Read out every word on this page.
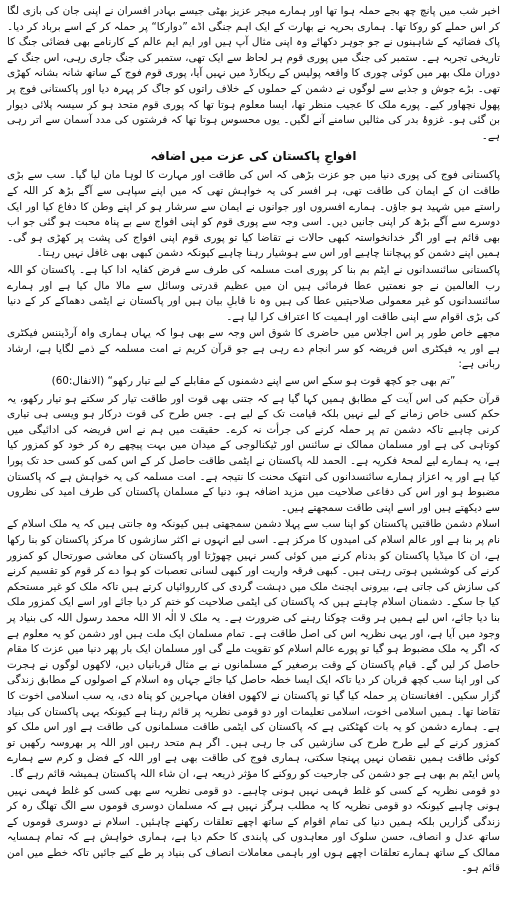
اخیر شب میں پانچ چھ بجے حملہ ہوا تھا اور ہمارے میجر عزیز بھٹی جیسے بہادر افسران نے اپنی جان کی بازی لگا کر اس حملے کو روکا تھا۔ ہماری بحریہ نے بھارت کے ایک اہم جنگی اڈے ”دوارکا“ پر حملہ کر کے اسے برباد کر دیا۔ پاک فضائیہ کے شاہینوں نے جو جوہر دکھائے وہ اپنی مثال آپ ہیں اور ایم ایم عالم کے کارنامے بھی فضائی جنگ کا تاریخی تجربہ ہے۔ ستمبر کی جنگ میں پوری قوم ہر لحاظ سے ایک تھی، ستمبر کی جنگ جاری رہی، اس جنگ کے دوران ملک بھر میں کوئی چوری کا واقعہ پولیس کے ریکارڈ میں نہیں آیا، پوری قوم فوج کے ساتھ شانہ بشانہ کھڑی تھی۔ بڑے جوش و جذبے سے لوگوں نے دشمن کے حملوں کے خلاف راتوں کو جاگ کر پہرہ دیا اور پاکستانی فوج پر پھول نچھاور کیے۔ پورے ملک کا عجیب منظر تھا، ایسا معلوم ہوتا تھا کہ پوری قوم متحد ہو کر سیسہ پلائی دیوار بن گئی ہو۔ غزوۂ بدر کی مثالیں سامنے آنے لگیں۔ یوں محسوس ہوتا تھا کہ فرشتوں کی مدد آسمان سے اتر رہی ہے۔

افواجِ پاکستان کی عزت میں اضافہ

پاکستانی فوج کی پوری دنیا میں جو عزت بڑھی کہ اس کی طاقت اور مہارت کا لوہا مان لیا گیا۔ سب سے بڑی طاقت ان کے ایمان کی طاقت تھی، ہر افسر کی یہ خواہش تھی کہ میں اپنے سپاہی سے آگے بڑھ کر اللہ کے راستے میں شہید ہو جاؤں۔ ہمارے افسروں اور جوانوں نے ایمان سے سرشار ہو کر اپنے وطن کا دفاع کیا اور ایک دوسرے سے آگے بڑھ کر اپنی جانیں دیں۔ اسی وجہ سے پوری قوم کو اپنی افواج سے بے پناہ محبت ہو گئی جو اب بھی قائم ہے اور اگر خدانخواستہ کبھی حالات نے تقاضا کیا تو پوری قوم اپنی افواج کی پشت پر کھڑی ہو گی۔ ہمیں اپنے دشمن کو پہچاننا چاہیے اور اس سے ہوشیار رہنا چاہیے کیونکہ دشمن کبھی بھی غافل نہیں رہتا۔

پاکستانی سائنسدانوں نے ایٹم بم بنا کر پوری امت مسلمہ کی طرف سے فرض کفایہ ادا کیا ہے۔ پاکستان کو اللہ رب العالمین نے جو نعمتیں عطا فرمائی ہیں ان میں عظیم قدرتی وسائل سے مالا مال کیا ہے اور ہمارے سائنسدانوں کو غیر معمولی صلاحیتیں عطا کی ہیں وہ نا قابلِ بیان ہیں اور پاکستان نے ایٹمی دھماکے کر کے دنیا کی بڑی اقوام سے اپنی طاقت اور اہمیت کا اعتراف کرا لیا ہے۔

مجھے خاص طور پر اس اجلاس میں حاضری کا شوق اس وجہ سے بھی ہوا کہ یہاں ہماری واہ آرڈیننس فیکٹری ہے اور یہ فیکٹری اس فریضہ کو سر انجام دے رہی ہے جو قرآن کریم نے امت مسلمہ کے ذمے لگایا ہے، ارشاد ربانی ہے:

”تم بھی جو کچھ قوت ہو سکے اس سے اپنے دشمنوں کے مقابلے کے لیے تیار رکھو“ (الانفال:60)

قرآن حکیم کی اس آیت کے مطابق ہمیں کہا گیا ہے کہ جتنی بھی قوت اور طاقت تیار کر سکتے ہو تیار رکھو، یہ حکم کسی خاص زمانے کے لیے نہیں بلکہ قیامت تک کے لیے ہے۔ جس طرح کی قوت درکار ہو ویسی ہی تیاری کرنی چاہیے تاکہ دشمن تم پر حملہ کرنے کی جرأت نہ کرے۔ حقیقت میں ہم نے اس فریضہ کی ادائیگی میں کوتاہی کی ہے اور مسلمان ممالک نے سائنس اور ٹیکنالوجی کے میدان میں بہت پیچھے رہ کر خود کو کمزور کیا ہے، یہ ہمارے لیے لمحۂ فکریہ ہے۔ الحمد للہ پاکستان نے ایٹمی طاقت حاصل کر کے اس کمی کو کسی حد تک پورا کیا ہے اور یہ اعزاز ہمارے سائنسدانوں کی انتھک محنت کا نتیجہ ہے۔ امت مسلمہ کی یہ خواہش ہے کہ پاکستان مضبوط ہو اور اس کی دفاعی صلاحیت میں مزید اضافہ ہو، دنیا کے مسلمان پاکستان کی طرف امید کی نظروں سے دیکھتے ہیں اور اسے اپنی طاقت سمجھتے ہیں۔

اسلام دشمن طاقتیں پاکستان کو اپنا سب سے پہلا دشمن سمجھتی ہیں کیونکہ وہ جانتی ہیں کہ یہ ملک اسلام کے نام پر بنا ہے اور عالم اسلام کی امیدوں کا مرکز ہے۔ اسی لیے انہوں نے اکثر سازشوں کا مرکز پاکستان کو بنا رکھا ہے، ان کا میڈیا پاکستان کو بدنام کرنے میں کوئی کسر نہیں چھوڑتا اور پاکستان کی معاشی صورتحال کو کمزور کرنے کی کوششیں ہوتی رہتی ہیں۔ کبھی فرقہ واریت اور کبھی لسانی تعصبات کو ہوا دے کر قوم کو تقسیم کرنے کی سازش کی جاتی ہے، بیرونی ایجنٹ ملک میں دہشت گردی کی کارروائیاں کرتے ہیں تاکہ ملک کو غیر مستحکم کیا جا سکے۔ دشمنان اسلام چاہتے ہیں کہ پاکستان کی ایٹمی صلاحیت کو ختم کر دیا جائے اور اسے ایک کمزور ملک بنا دیا جائے، اس لیے ہمیں ہر وقت چوکنا رہنے کی ضرورت ہے۔ یہ ملک لا الٰہ الا اللہ محمد رسول اللہ کی بنیاد پر وجود میں آیا ہے، اور یہی نظریہ اس کی اصل طاقت ہے۔ تمام مسلمان ایک ملت ہیں اور دشمن کو یہ معلوم ہے کہ اگر یہ ملک مضبوط ہو گیا تو پورے عالم اسلام کو تقویت ملے گی اور مسلمان ایک بار پھر دنیا میں عزت کا مقام حاصل کر لیں گے۔ قیام پاکستان کے وقت برصغیر کے مسلمانوں نے بے مثال قربانیاں دیں، لاکھوں لوگوں نے ہجرت کی اور اپنا سب کچھ قربان کر دیا تاکہ ایک ایسا خطہ حاصل کیا جائے جہاں وہ اسلام کے اصولوں کے مطابق زندگی گزار سکیں۔ افغانستان پر حملہ کیا گیا تو پاکستان نے لاکھوں افغان مہاجرین کو پناہ دی، یہ سب اسلامی اخوت کا تقاضا تھا۔ ہمیں اسلامی اخوت، اسلامی تعلیمات اور دو قومی نظریہ پر قائم رہنا ہے کیونکہ یہی پاکستان کی بنیاد ہے۔ ہمارے دشمن کو یہ بات کھٹکتی ہے کہ پاکستان کی ایٹمی طاقت مسلمانوں کی طاقت ہے اور اس ملک کو کمزور کرنے کے لیے طرح طرح کی سازشیں کی جا رہی ہیں۔ اگر ہم متحد رہیں اور اللہ پر بھروسہ رکھیں تو کوئی طاقت ہمیں نقصان نہیں پہنچا سکتی، ہماری فوج کی طاقت بھی ہے اور اللہ کے فضل و کرم سے ہمارے پاس ایٹم بم بھی ہے جو دشمن کی جارحیت کو روکنے کا مؤثر ذریعہ ہے، ان شاء اللہ پاکستان ہمیشہ قائم رہے گا۔

دو قومی نظریہ کے کسی کو غلط فہمی نہیں ہونی چاہیے۔ دو قومی نظریہ سے بھی کسی کو غلط فہمی نہیں ہونی چاہیے کیونکہ دو قومی نظریہ کا یہ مطلب ہرگز نہیں ہے کہ مسلمان دوسری قوموں سے الگ تھلگ رہ کر زندگی گزاریں بلکہ ہمیں دنیا کی تمام اقوام کے ساتھ اچھے تعلقات رکھنے چاہئیں۔ اسلام نے دوسری قوموں کے ساتھ عدل و انصاف، حسن سلوک اور معاہدوں کی پابندی کا حکم دیا ہے، ہماری خواہش ہے کہ تمام ہمسایہ ممالک کے ساتھ ہمارے تعلقات اچھے ہوں اور باہمی معاملات انصاف کی بنیاد پر طے کیے جائیں تاکہ خطے میں امن قائم ہو۔
